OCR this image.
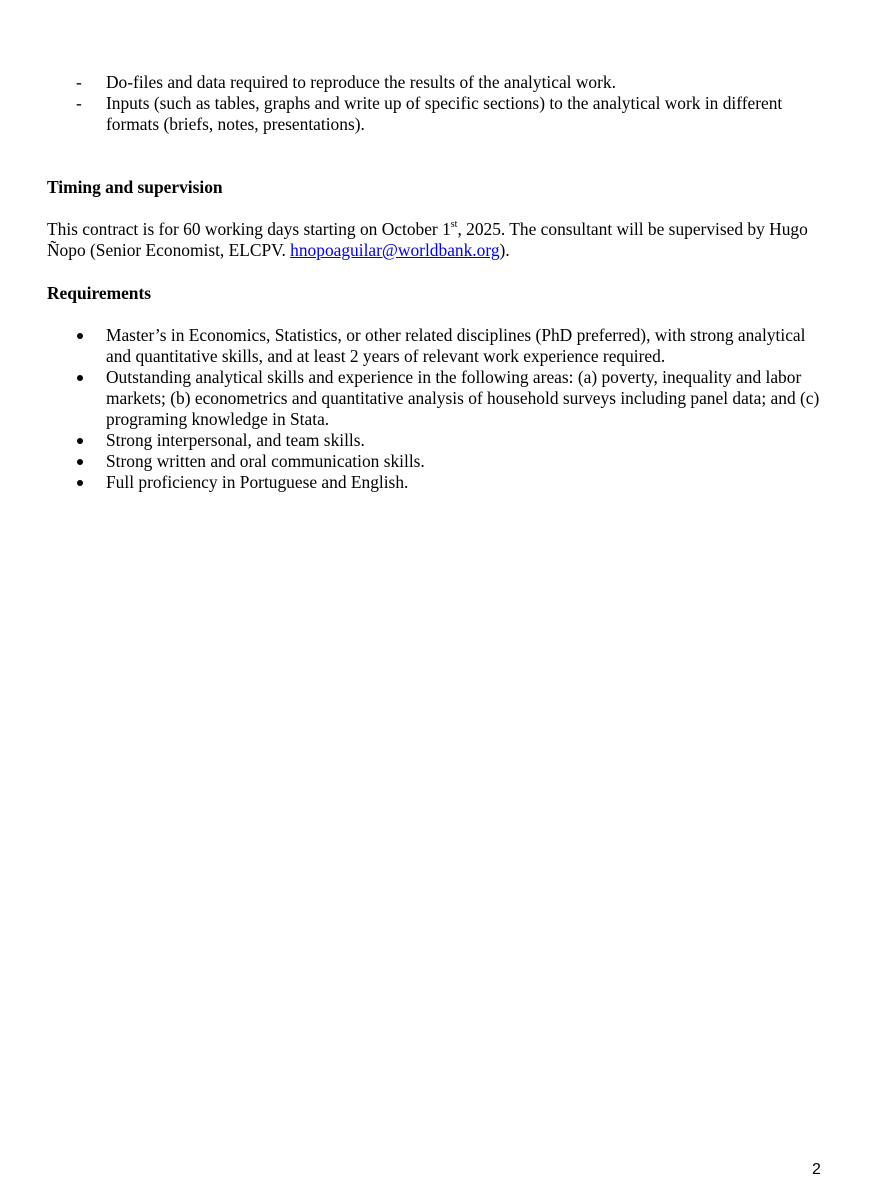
- Do-files and data required to reproduce the results of the analytical work.
- Inputs (such as tables, graphs and write up of specific sections) to the analytical work in different formats (briefs, notes, presentations).
Timing and supervision
This contract is for 60 working days starting on October 1st, 2025. The consultant will be supervised by Hugo Ñopo (Senior Economist, ELCPV. hnopoaguilar@worldbank.org).
Requirements
Master’s in Economics, Statistics, or other related disciplines (PhD preferred), with strong analytical and quantitative skills, and at least 2 years of relevant work experience required.
Outstanding analytical skills and experience in the following areas: (a) poverty, inequality and labor markets; (b) econometrics and quantitative analysis of household surveys including panel data; and (c) programing knowledge in Stata.
Strong interpersonal, and team skills.
Strong written and oral communication skills.
Full proficiency in Portuguese and English.
2
